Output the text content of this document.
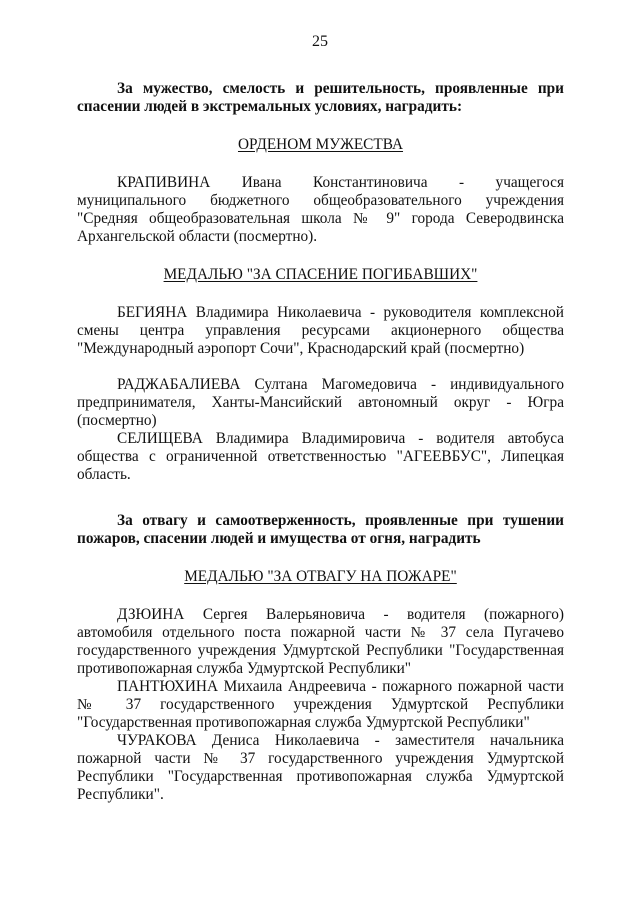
25

За мужество, смелость и решительность, проявленные при спасении людей в экстремальных условиях, наградить:

ОРДЕНОМ МУЖЕСТВА

КРАПИВИНА Ивана Константиновича - учащегося муниципального бюджетного общеобразовательного учреждения "Средняя общеобразовательная школа № 9" города Северодвинска Архангельской области (посмертно).

МЕДАЛЬЮ "ЗА СПАСЕНИЕ ПОГИБАВШИХ"

БЕГИЯНА Владимира Николаевича - руководителя комплексной смены центра управления ресурсами акционерного общества "Международный аэропорт Сочи", Краснодарский край (посмертно)

РАДЖАБАЛИЕВА Султана Магомедовича - индивидуального предпринимателя, Ханты-Мансийский автономный округ - Югра (посмертно)

СЕЛИЩЕВА Владимира Владимировича - водителя автобуса общества с ограниченной ответственностью "АГЕЕВБУС", Липецкая область.

За отвагу и самоотверженность, проявленные при тушении пожаров, спасении людей и имущества от огня, наградить

МЕДАЛЬЮ "ЗА ОТВАГУ НА ПОЖАРЕ"

ДЗЮИНА Сергея Валерьяновича - водителя (пожарного) автомобиля отдельного поста пожарной части № 37 села Пугачево государственного учреждения Удмуртской Республики "Государственная противопожарная служба Удмуртской Республики"

ПАНТЮХИНА Михаила Андреевича - пожарного пожарной части № 37 государственного учреждения Удмуртской Республики "Государственная противопожарная служба Удмуртской Республики"

ЧУРАКОВА Дениса Николаевича - заместителя начальника пожарной части № 37 государственного учреждения Удмуртской Республики "Государственная противопожарная служба Удмуртской Республики".
